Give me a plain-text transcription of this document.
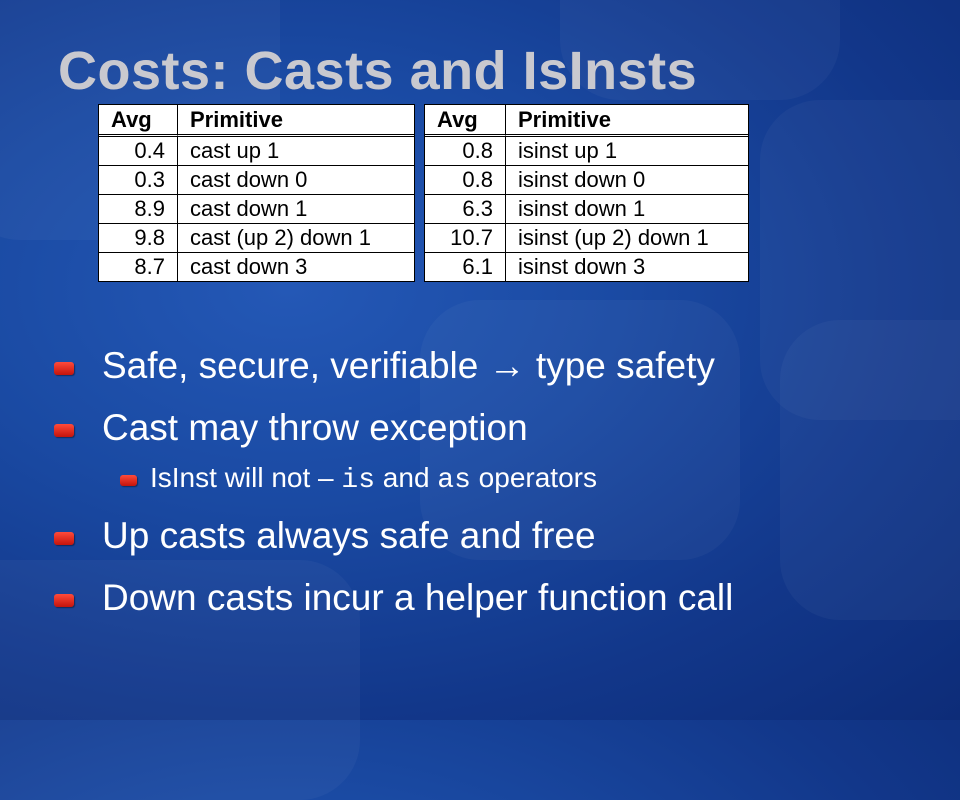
Costs: Casts and IsInsts
Avg	Primitive
0.4	cast up 1
0.3	cast down 0
8.9	cast down 1
9.8	cast (up 2) down 1
8.7	cast down 3
Avg	Primitive
0.8	isinst up 1
0.8	isinst down 0
6.3	isinst down 1
10.7	isinst (up 2) down 1
6.1	isinst down 3
Safe, secure, verifiable → type safety
Cast may throw exception
IsInst will not – is and as operators
Up casts always safe and free
Down casts incur a helper function call
